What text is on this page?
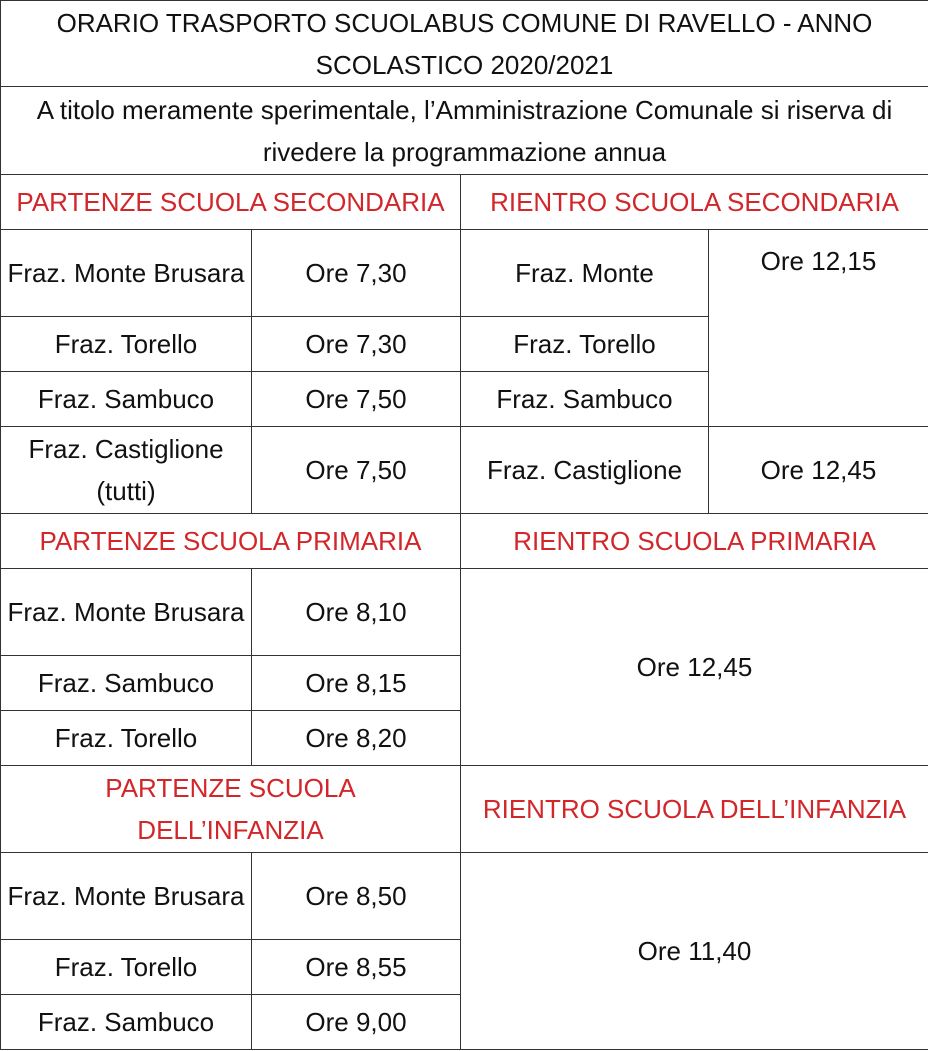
ORARIO TRASPORTO SCUOLABUS COMUNE DI RAVELLO - ANNO SCOLASTICO 2020/2021			
A titolo meramente sperimentale, l’Amministrazione Comunale si riserva di rivedere la programmazione annua			
PARTENZE SCUOLA SECONDARIA		RIENTRO SCUOLA SECONDARIA	
Fraz. Monte Brusara	Ore 7,30	Fraz. Monte	Ore 12,15
Fraz. Torello	Ore 7,30	Fraz. Torello	
Fraz. Sambuco	Ore 7,50	Fraz. Sambuco	
Fraz. Castiglione (tutti)	Ore 7,50	Fraz. Castiglione	Ore 12,45
PARTENZE SCUOLA PRIMARIA		RIENTRO SCUOLA PRIMARIA	
Fraz. Monte Brusara	Ore 8,10	Ore 12,45	
Fraz. Sambuco	Ore 8,15		
Fraz. Torello	Ore 8,20		
PARTENZE SCUOLA DELL’INFANZIA		RIENTRO SCUOLA DELL’INFANZIA	
Fraz. Monte Brusara	Ore 8,50	Ore 11,40	
Fraz. Torello	Ore 8,55		
Fraz. Sambuco	Ore 9,00		
